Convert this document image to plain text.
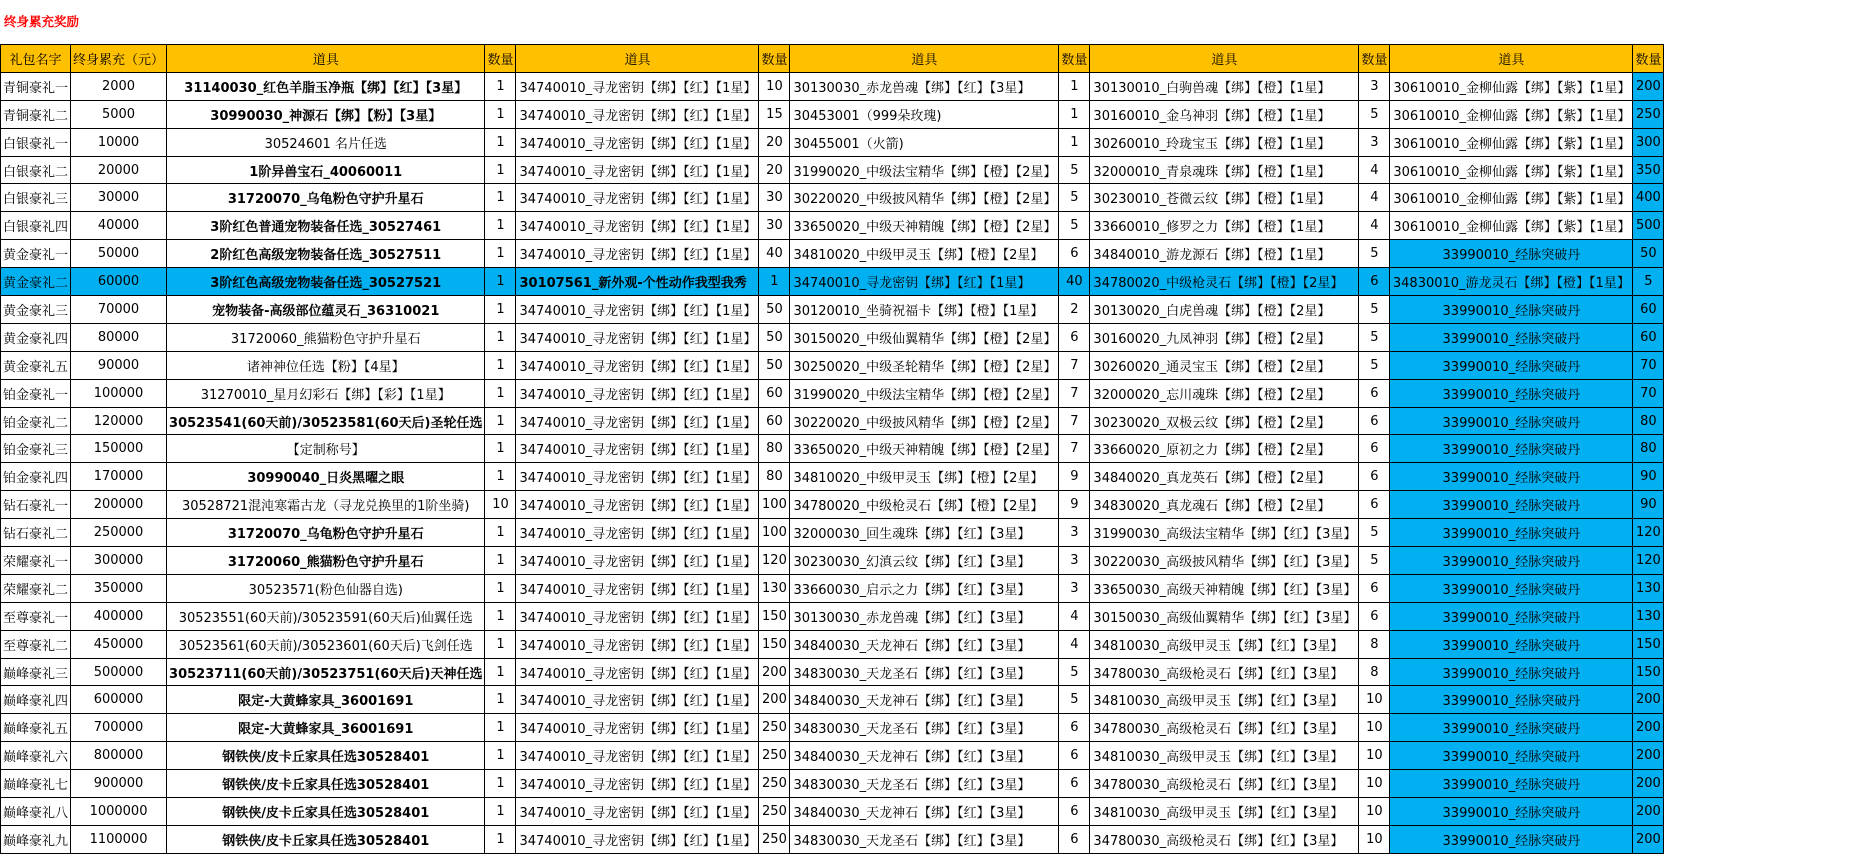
终身累充奖励
礼包名字	终身累充（元）	道具	数量	道具	数量	道具	数量	道具	数量	道具	数量
青铜豪礼一	2000	31140030_红色羊脂玉净瓶【绑】【红】【3星】	1	34740010_寻龙密钥【绑】【红】【1星】	10	30130030_赤龙兽魂【绑】【红】【3星】	1	30130010_白驹兽魂【绑】【橙】【1星】	3	30610010_金柳仙露【绑】【紫】【1星】	200
青铜豪礼二	5000	30990030_神源石【绑】【粉】【3星】	1	34740010_寻龙密钥【绑】【红】【1星】	15	30453001（999朵玫瑰)	1	30160010_金乌神羽【绑】【橙】【1星】	5	30610010_金柳仙露【绑】【紫】【1星】	250
白银豪礼一	10000	30524601 名片任选	1	34740010_寻龙密钥【绑】【红】【1星】	20	30455001（火箭)	1	30260010_玲珑宝玉【绑】【橙】【1星】	3	30610010_金柳仙露【绑】【紫】【1星】	300
白银豪礼二	20000	1阶异兽宝石_40060011	1	34740010_寻龙密钥【绑】【红】【1星】	20	31990020_中级法宝精华【绑】【橙】【2星】	5	32000010_青泉魂珠【绑】【橙】【1星】	4	30610010_金柳仙露【绑】【紫】【1星】	350
白银豪礼三	30000	31720070_乌龟粉色守护升星石	1	34740010_寻龙密钥【绑】【红】【1星】	30	30220020_中级披风精华【绑】【橙】【2星】	5	30230010_苍微云纹【绑】【橙】【1星】	4	30610010_金柳仙露【绑】【紫】【1星】	400
白银豪礼四	40000	3阶红色普通宠物装备任选_30527461	1	34740010_寻龙密钥【绑】【红】【1星】	30	33650020_中级天神精魄【绑】【橙】【2星】	5	33660010_修罗之力【绑】【橙】【1星】	4	30610010_金柳仙露【绑】【紫】【1星】	500
黄金豪礼一	50000	2阶红色高级宠物装备任选_30527511	1	34740010_寻龙密钥【绑】【红】【1星】	40	34810020_中级甲灵玉【绑】【橙】【2星】	6	34840010_游龙源石【绑】【橙】【1星】	5	33990010_经脉突破丹	50
黄金豪礼二	60000	3阶红色高级宠物装备任选_30527521	1	30107561_新外观-个性动作我型我秀	1	34740010_寻龙密钥【绑】【红】【1星】	40	34780020_中级枪灵石【绑】【橙】【2星】	6	34830010_游龙灵石【绑】【橙】【1星】	5
黄金豪礼三	70000	宠物装备-高级部位蕴灵石_36310021	1	34740010_寻龙密钥【绑】【红】【1星】	50	30120010_坐骑祝福卡【绑】【橙】【1星】	2	30130020_白虎兽魂【绑】【橙】【2星】	5	33990010_经脉突破丹	60
黄金豪礼四	80000	31720060_熊猫粉色守护升星石	1	34740010_寻龙密钥【绑】【红】【1星】	50	30150020_中级仙翼精华【绑】【橙】【2星】	6	30160020_九凤神羽【绑】【橙】【2星】	5	33990010_经脉突破丹	60
黄金豪礼五	90000	诸神神位任选【粉】【4星】	1	34740010_寻龙密钥【绑】【红】【1星】	50	30250020_中级圣轮精华【绑】【橙】【2星】	7	30260020_通灵宝玉【绑】【橙】【2星】	5	33990010_经脉突破丹	70
铂金豪礼一	100000	31270010_星月幻彩石【绑】【彩】【1星】	1	34740010_寻龙密钥【绑】【红】【1星】	60	31990020_中级法宝精华【绑】【橙】【2星】	7	32000020_忘川魂珠【绑】【橙】【2星】	6	33990010_经脉突破丹	70
铂金豪礼二	120000	30523541(60天前)/30523581(60天后)圣轮任选	1	34740010_寻龙密钥【绑】【红】【1星】	60	30220020_中级披风精华【绑】【橙】【2星】	7	30230020_双极云纹【绑】【橙】【2星】	6	33990010_经脉突破丹	80
铂金豪礼三	150000	【定制称号】	1	34740010_寻龙密钥【绑】【红】【1星】	80	33650020_中级天神精魄【绑】【橙】【2星】	7	33660020_原初之力【绑】【橙】【2星】	6	33990010_经脉突破丹	80
铂金豪礼四	170000	30990040_日炎黑曜之眼	1	34740010_寻龙密钥【绑】【红】【1星】	80	34810020_中级甲灵玉【绑】【橙】【2星】	9	34840020_真龙英石【绑】【橙】【2星】	6	33990010_经脉突破丹	90
钻石豪礼一	200000	30528721混沌寒霜古龙（寻龙兑换里的1阶坐骑)	10	34740010_寻龙密钥【绑】【红】【1星】	100	34780020_中级枪灵石【绑】【橙】【2星】	9	34830020_真龙魂石【绑】【橙】【2星】	6	33990010_经脉突破丹	90
钻石豪礼二	250000	31720070_乌龟粉色守护升星石	1	34740010_寻龙密钥【绑】【红】【1星】	100	32000030_回生魂珠【绑】【红】【3星】	3	31990030_高级法宝精华【绑】【红】【3星】	5	33990010_经脉突破丹	120
荣耀豪礼一	300000	31720060_熊猫粉色守护升星石	1	34740010_寻龙密钥【绑】【红】【1星】	120	30230030_幻滇云纹【绑】【红】【3星】	3	30220030_高级披风精华【绑】【红】【3星】	5	33990010_经脉突破丹	120
荣耀豪礼二	350000	30523571(粉色仙器自选)	1	34740010_寻龙密钥【绑】【红】【1星】	130	33660030_启示之力【绑】【红】【3星】	3	33650030_高级天神精魄【绑】【红】【3星】	6	33990010_经脉突破丹	130
至尊豪礼一	400000	30523551(60天前)/30523591(60天后)仙翼任选	1	34740010_寻龙密钥【绑】【红】【1星】	150	30130030_赤龙兽魂【绑】【红】【3星】	4	30150030_高级仙翼精华【绑】【红】【3星】	6	33990010_经脉突破丹	130
至尊豪礼二	450000	30523561(60天前)/30523601(60天后)飞剑任选	1	34740010_寻龙密钥【绑】【红】【1星】	150	34840030_天龙神石【绑】【红】【3星】	4	34810030_高级甲灵玉【绑】【红】【3星】	8	33990010_经脉突破丹	150
巅峰豪礼三	500000	30523711(60天前)/30523751(60天后)天神任选	1	34740010_寻龙密钥【绑】【红】【1星】	200	34830030_天龙圣石【绑】【红】【3星】	5	34780030_高级枪灵石【绑】【红】【3星】	8	33990010_经脉突破丹	150
巅峰豪礼四	600000	限定-大黄蜂家具_36001691	1	34740010_寻龙密钥【绑】【红】【1星】	200	34840030_天龙神石【绑】【红】【3星】	5	34810030_高级甲灵玉【绑】【红】【3星】	10	33990010_经脉突破丹	200
巅峰豪礼五	700000	限定-大黄蜂家具_36001691	1	34740010_寻龙密钥【绑】【红】【1星】	250	34830030_天龙圣石【绑】【红】【3星】	6	34780030_高级枪灵石【绑】【红】【3星】	10	33990010_经脉突破丹	200
巅峰豪礼六	800000	钢铁侠/皮卡丘家具任选30528401	1	34740010_寻龙密钥【绑】【红】【1星】	250	34840030_天龙神石【绑】【红】【3星】	6	34810030_高级甲灵玉【绑】【红】【3星】	10	33990010_经脉突破丹	200
巅峰豪礼七	900000	钢铁侠/皮卡丘家具任选30528401	1	34740010_寻龙密钥【绑】【红】【1星】	250	34830030_天龙圣石【绑】【红】【3星】	6	34780030_高级枪灵石【绑】【红】【3星】	10	33990010_经脉突破丹	200
巅峰豪礼八	1000000	钢铁侠/皮卡丘家具任选30528401	1	34740010_寻龙密钥【绑】【红】【1星】	250	34840030_天龙神石【绑】【红】【3星】	6	34810030_高级甲灵玉【绑】【红】【3星】	10	33990010_经脉突破丹	200
巅峰豪礼九	1100000	钢铁侠/皮卡丘家具任选30528401	1	34740010_寻龙密钥【绑】【红】【1星】	250	34830030_天龙圣石【绑】【红】【3星】	6	34780030_高级枪灵石【绑】【红】【3星】	10	33990010_经脉突破丹	200
